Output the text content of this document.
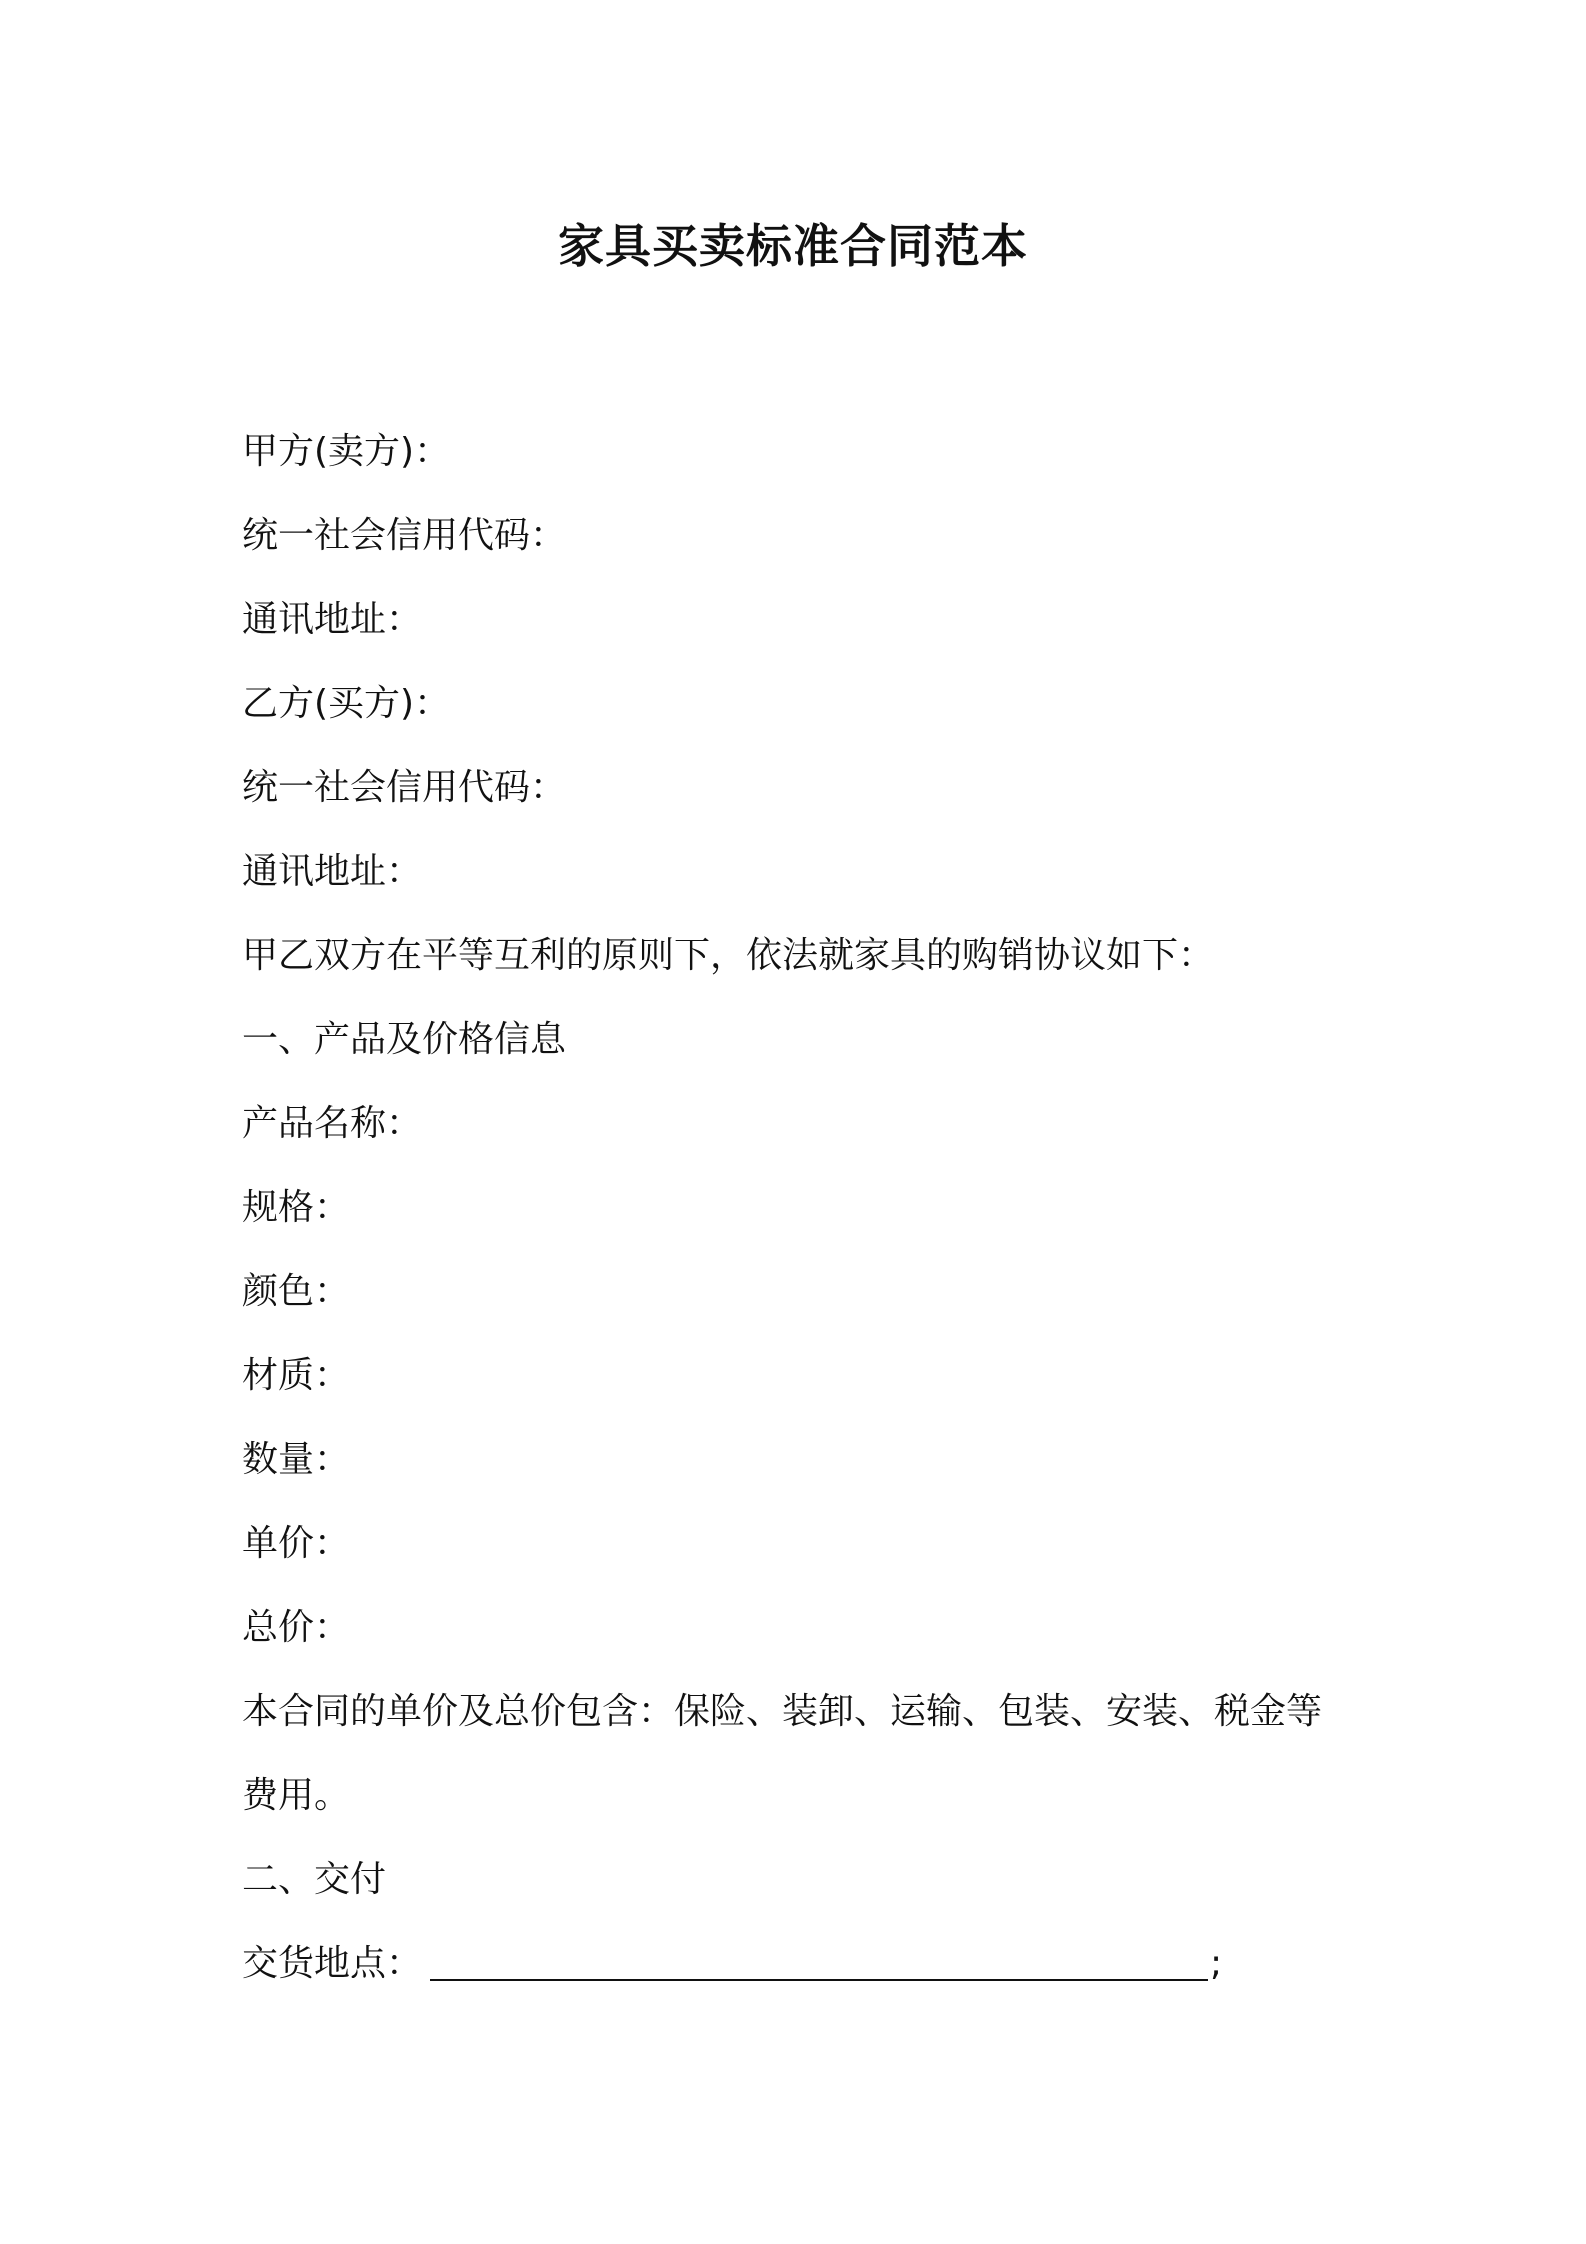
家具买卖标准合同范本
甲方(卖方)：
统一社会信用代码：
通讯地址：
乙方(买方)：
统一社会信用代码：
通讯地址：
甲乙双方在平等互利的原则下，依法就家具的购销协议如下：
一、产品及价格信息
产品名称：
规格：
颜色：
材质：
数量：
单价：
总价：
本合同的单价及总价包含：保险、装卸、运输、包装、安装、税金等
费用。
二、交付
交货地点：	;
